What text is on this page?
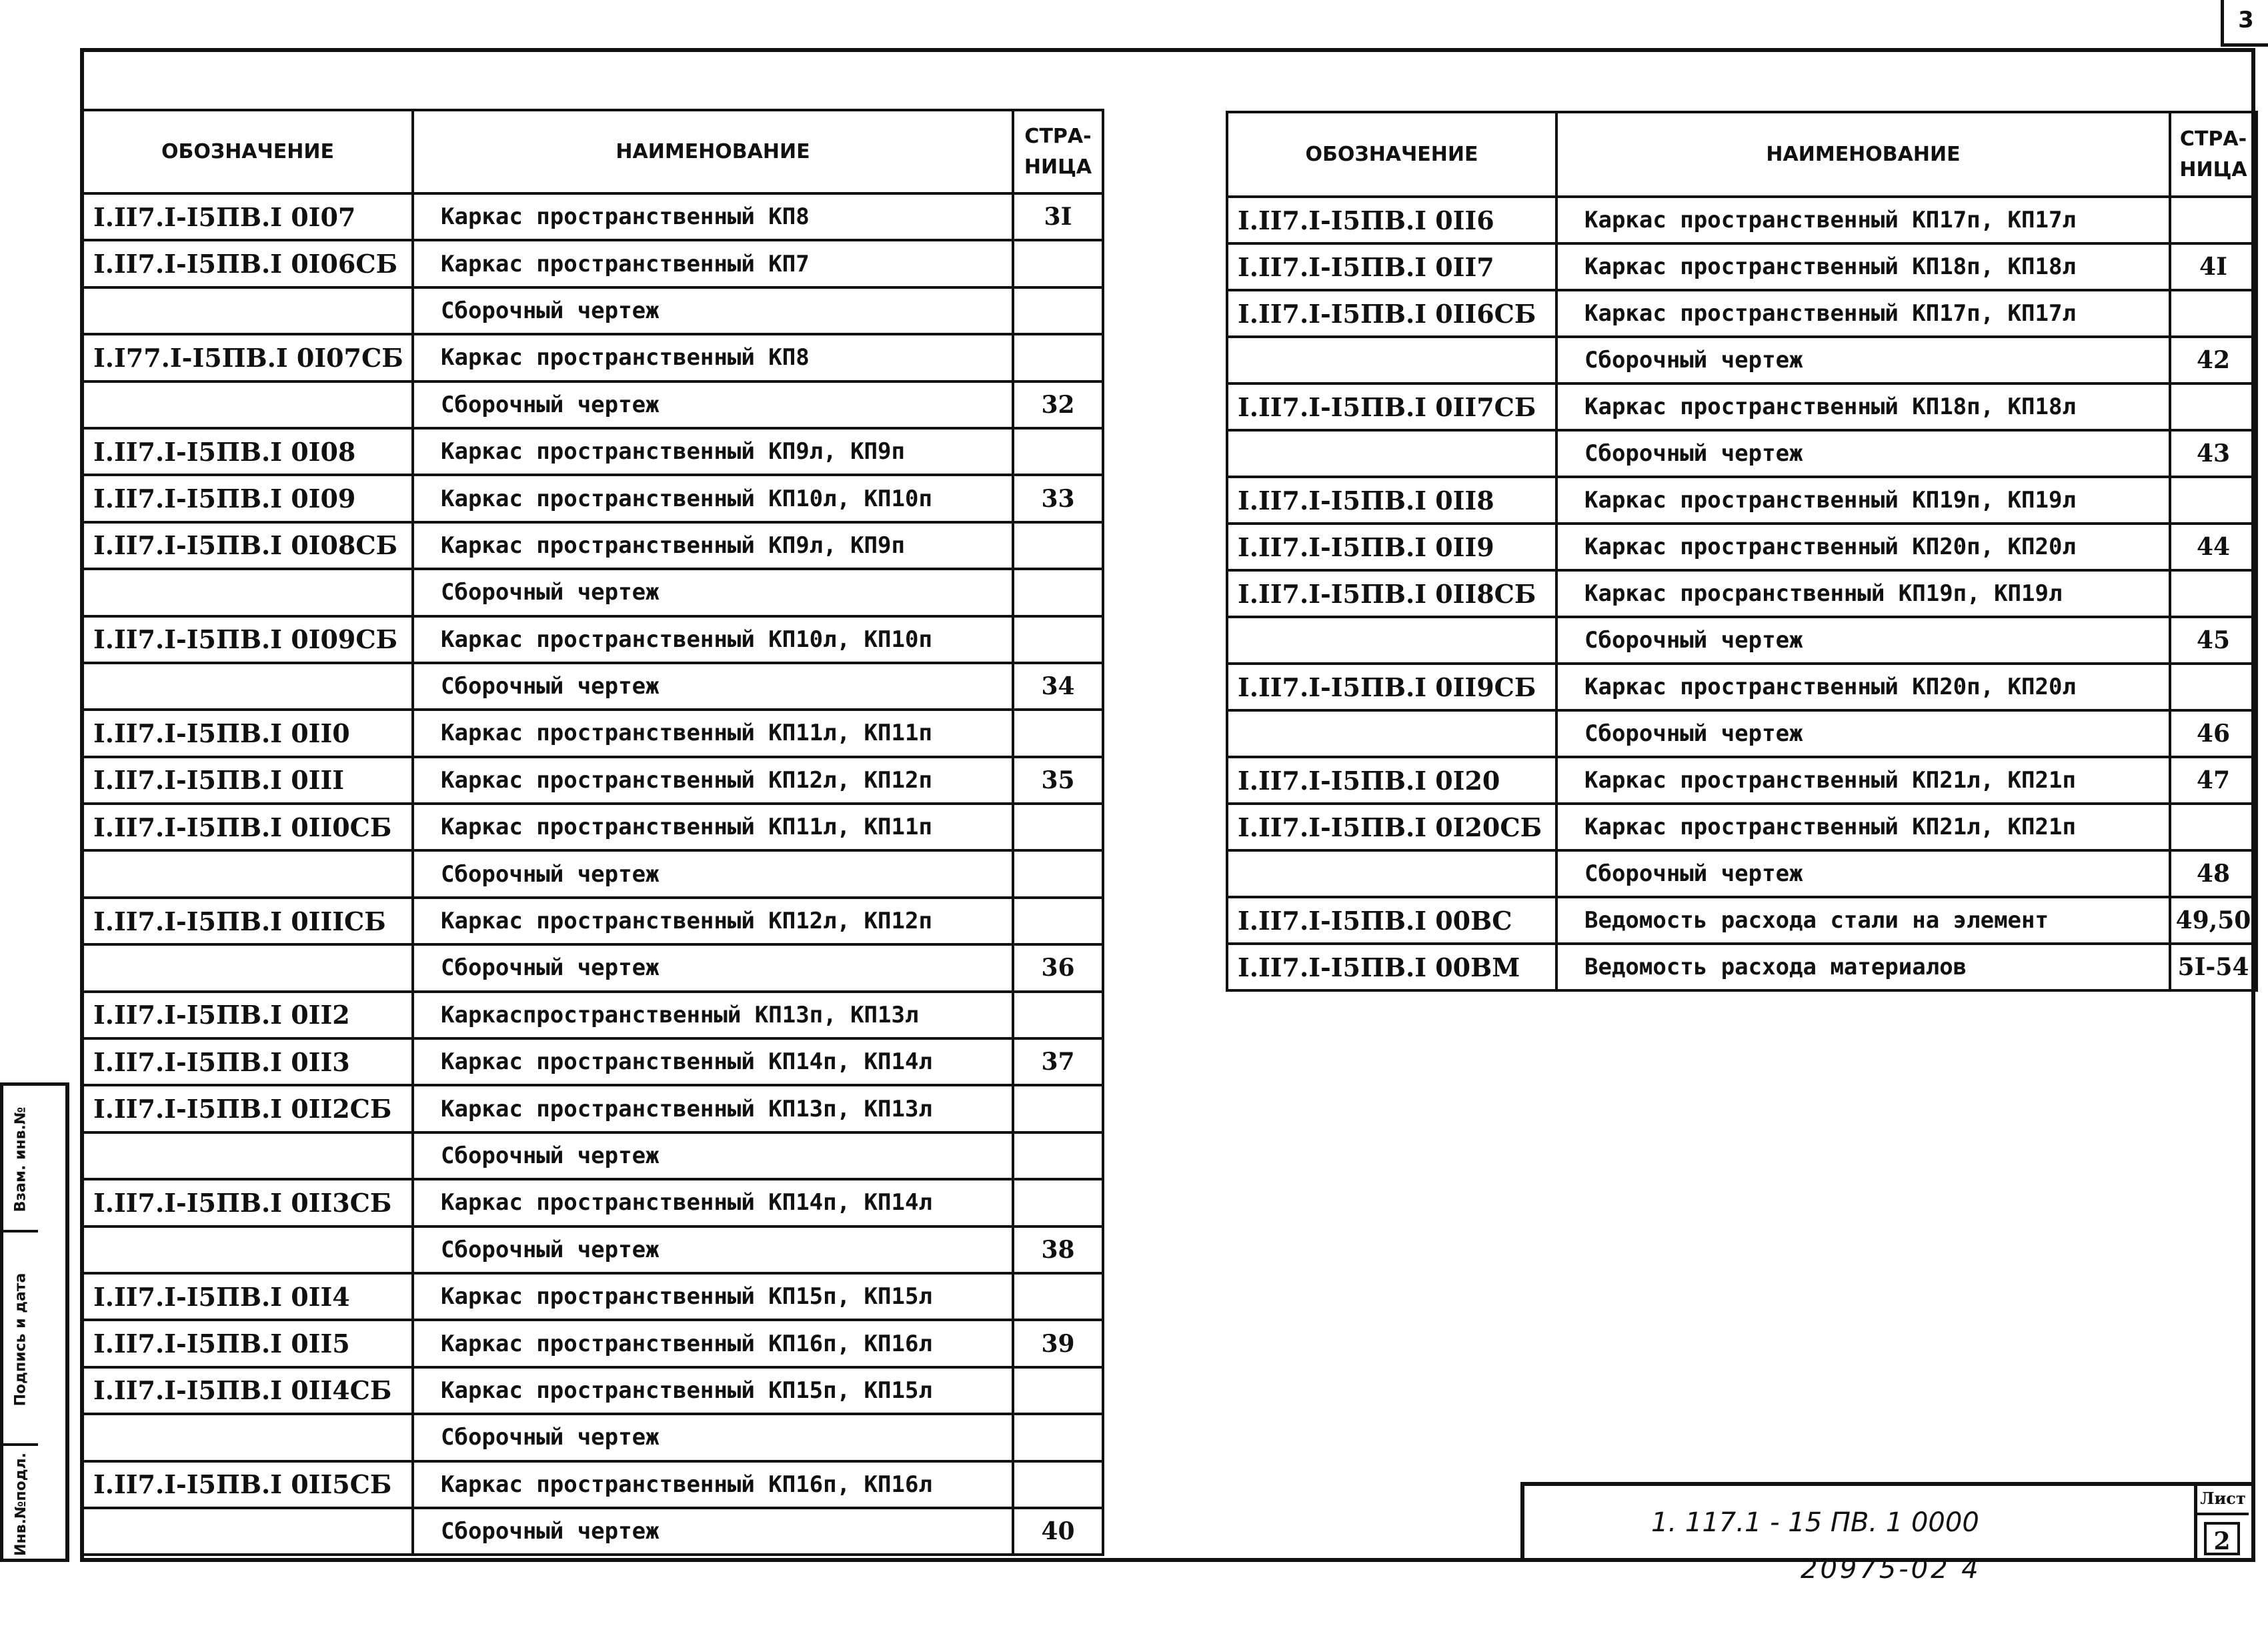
3
Взам. инв.№
Подпись и дата
Инв.№подл.
ОБОЗНАЧЕНИЕ	НАИМЕНОВАНИЕ	СТРА-
НИЦА
I.II7.I-I5ПВ.I 0I07	Каркас пространственный КП8	3I
I.II7.I-I5ПВ.I 0I06СБ	Каркас пространственный КП7	
	Сборочный чертеж	
I.I77.I-I5ПВ.I 0I07СБ	Каркас пространственный КП8	
	Сборочный чертеж	32
I.II7.I-I5ПВ.I 0I08	Каркас пространственный КП9л, КП9п	
I.II7.I-I5ПВ.I 0I09	Каркас пространственный КП10л, КП10п	33
I.II7.I-I5ПВ.I 0I08СБ	Каркас пространственный КП9л, КП9п	
	Сборочный чертеж	
I.II7.I-I5ПВ.I 0I09СБ	Каркас пространственный КП10л, КП10п	
	Сборочный чертеж	34
I.II7.I-I5ПВ.I 0II0	Каркас пространственный КП11л, КП11п	
I.II7.I-I5ПВ.I 0III	Каркас пространственный КП12л, КП12п	35
I.II7.I-I5ПВ.I 0II0СБ	Каркас пространственный КП11л, КП11п	
	Сборочный чертеж	
I.II7.I-I5ПВ.I 0IIIСБ	Каркас пространственный КП12л, КП12п	
	Сборочный чертеж	36
I.II7.I-I5ПВ.I 0II2	Каркаспространственный КП13п, КП13л	
I.II7.I-I5ПВ.I 0II3	Каркас пространственный КП14п, КП14л	37
I.II7.I-I5ПВ.I 0II2СБ	Каркас пространственный КП13п, КП13л	
	Сборочный чертеж	
I.II7.I-I5ПВ.I 0II3СБ	Каркас пространственный КП14п, КП14л	
	Сборочный чертеж	38
I.II7.I-I5ПВ.I 0II4	Каркас пространственный КП15п, КП15л	
I.II7.I-I5ПВ.I 0II5	Каркас пространственный КП16п, КП16л	39
I.II7.I-I5ПВ.I 0II4СБ	Каркас пространственный КП15п, КП15л	
	Сборочный чертеж	
I.II7.I-I5ПВ.I 0II5СБ	Каркас пространственный КП16п, КП16л	
	Сборочный чертеж	40
ОБОЗНАЧЕНИЕ	НАИМЕНОВАНИЕ	СТРА-
НИЦА
I.II7.I-I5ПВ.I 0II6	Каркас пространственный КП17п, КП17л	
I.II7.I-I5ПВ.I 0II7	Каркас пространственный КП18п, КП18л	4I
I.II7.I-I5ПВ.I 0II6СБ	Каркас пространственный КП17п, КП17л	
	Сборочный чертеж	42
I.II7.I-I5ПВ.I 0II7СБ	Каркас пространственный КП18п, КП18л	
	Сборочный чертеж	43
I.II7.I-I5ПВ.I 0II8	Каркас пространственный КП19п, КП19л	
I.II7.I-I5ПВ.I 0II9	Каркас пространственный КП20п, КП20л	44
I.II7.I-I5ПВ.I 0II8СБ	Каркас просранственный КП19п, КП19л	
	Сборочный чертеж	45
I.II7.I-I5ПВ.I 0II9СБ	Каркас пространственный КП20п, КП20л	
	Сборочный чертеж	46
I.II7.I-I5ПВ.I 0I20	Каркас пространственный КП21л, КП21п	47
I.II7.I-I5ПВ.I 0I20СБ	Каркас пространственный КП21л, КП21п	
	Сборочный чертеж	48
I.II7.I-I5ПВ.I 00ВС	Ведомость расхода стали на элемент	49,50
I.II7.I-I5ПВ.I 00ВМ	Ведомость расхода материалов	5I-54
1. 117.1 - 15 ПВ. 1 0000
Лист
2
20975-02 4
